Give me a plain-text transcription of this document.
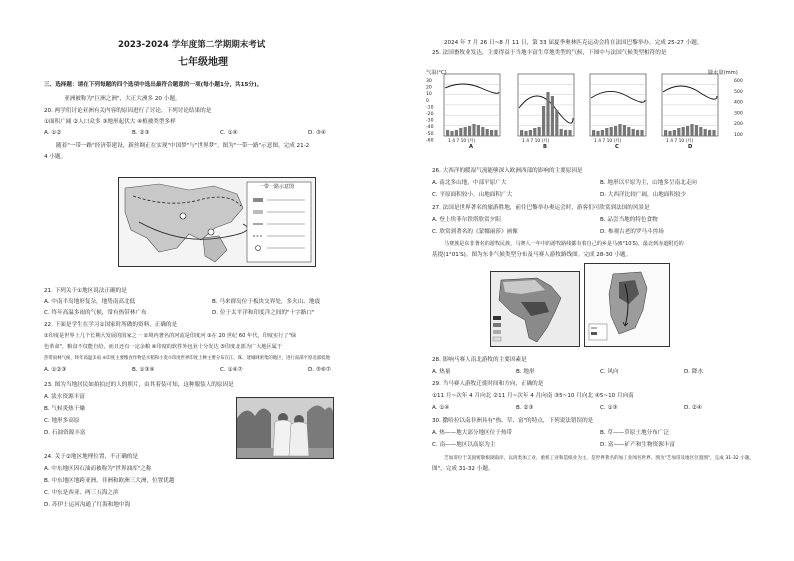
2023-2024 学年度第二学期期末考试
七年级地理
三、选择题：请在下列每题的四个选项中选出最符合题意的一项(每小题1分，共15分)。
亚洲被称为"巨洲之洲"，大正大洲多 20 小题。
20. 两学们讨论亚洲有关内容的原因进行了讨论，下列讨论结果的是
①面积广阔 ②人口众多 ③地形起伏大 ④植被类型多样
A. ①②	B. ②③	C. ①④	D. ③④
随着"一带一路"经济带建设，新丝绸正在实现"中国梦"与"世界梦"。图为"一带一路"示意图。完成 21-2
4 小题。
一带一路示意图
21. 下列关于①地区说法正确的是
A. 中南半岛地形复杂，地势南高北低	B. 马来群岛位于板块交界处，多火山、地震
C. 终年高温多雨的气候，常有热带林广布	D. 位于太平洋和印度洋之间的"十字路口"
22. 下面是学生在学习①国家时所做的资料，正确的是
①印度是世界上几个长期大发展的国家之一 ②境内著名的河流是印度河 ③在 20 世纪 60 年代，印度实行了"绿
色革命"，粮食不仅能自给，而且还有一定余粮 ④印度的软件外包业十分发达 ⑤印度北部为广大地区属于
热带雨林气候，终年高温多雨 ⑥印度主要粮食作物是水稻和小麦⑦印度世界印度土种主要分布在江、珠、迷城肆密集的地区，进行南部平原北部低地
A. ①②③	B. ①③④	C. ①④⑦	D. ⑤⑥⑦
23. 图为当地居民如拍拍过的人的照片，由其着装可知，这种服装人的原因是
A. 淡水资源丰富
B. 气候炎热干燥
C. 地形多高原
D. 石油资源丰富
24. 关于②地区地理位置，不正确的是
A. 中东地区因石油而被称为"世界油库"之称
B. 中东地区地跨亚洲、非洲和欧洲三大洲，位置优越
C. 中东是西亚、两三五海之滨
D. 苏伊士运河沟通了红海和地中海
2024 年 7 月 26 日~8 月 11 日，第 33 届夏季奥林匹克运动会将在法国巴黎举办。完成 25-27 小题。
25. 法国畜牧业发达，主要得益于当地丰富生草地类型的气候，下图中与法国气候类型相符的是
30
20
10
0
-10
-20
-30
-40
-50
-60
600
500
400
300
200
100
1 4 7 10 (月)	1 4 7 10 (月)	1 4 7 10 (月)	1 4 7 10 (月)
气温(°C)	降水量(mm)
A	B	C	D
26. 大西洋的暖湿气流能够深入欧洲西部的影响的主要原因是
A. 南北多山地，中部平原广大	B. 地形以平原为主，山地多呈南北走向
C. 平原面积较小，山地面积广大	D. 大西洋比较广阔，山地面积较少
27. 法国是世界著名的旅游胜地，前往巴黎举办奥运会时，游客们可欣赏到法国的风景是
A. 登上埃菲尔铁塔欣赏夕阳	B. 品尝当地的特色食物
C. 欣赏到著名的《蒙娜丽莎》画像	D. 参观古老的罗马斗兽场
马赛族是东非著名的游牧民族，马赛人一年中的游牧路线都有着自己的乡是马(6°10′S)，最北到赤道附近的
基提(1°01′S)。图为东非气候类型分布及马赛人游牧路线图。完成 28-30 小题。
28. 影响马赛人南北游牧的主要因素是
A. 热量	B. 地形	C. 风向	D. 降水
29. 当马赛人游牧迁徙时间和方向，正确的是
①11 月~次年 4 月向北 ②11 月~次年 4 月向南 ③5~10 月向北 ④5~10 月向南
A. ①④	B. ②③	C. ①③	D. ②④
30. 撒哈拉以南非洲具有"热、草、富"的特点，下列说法错误的是
A. 热——地大部分地区位于热带	B. 草——草原土地分布广泛
C. 南——地区以高原为主	D. 富——矿产和生物资源丰富
芝加哥位于美国密歇根湖南岸，以肉类加工业、重机工业和造纸业为主，是世界著名的加工业闻名世界。图为"芝加哥及地区位置图"，完成 31-32 小题。
图"，完成 31-32 小题。
